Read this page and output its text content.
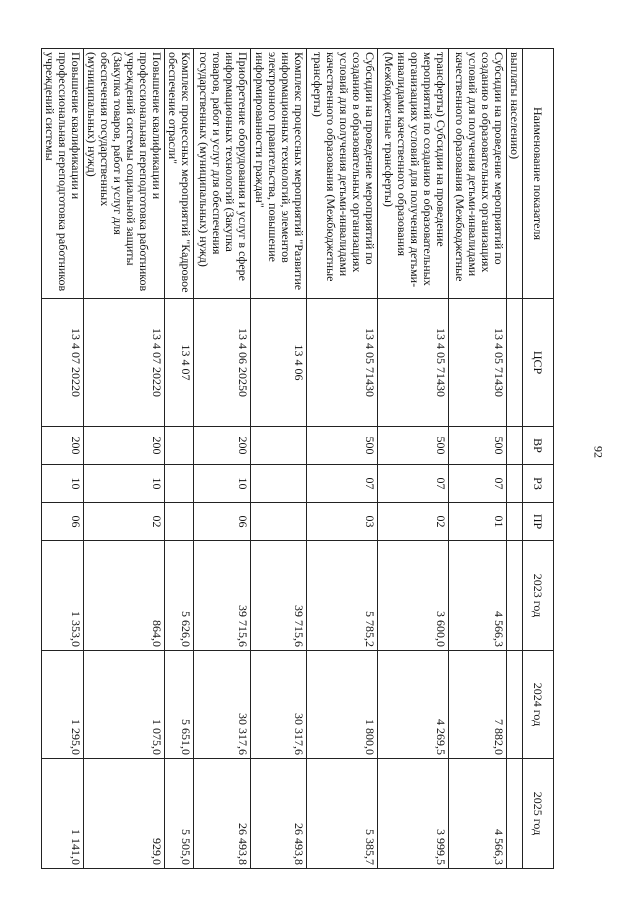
92
Наименование показателя	ЦСР	ВР	РЗ	ПР	2023 год	2024 год	2025 год
выплаты населению)							
Субсидии на проведение мероприятий по созданию в образовательных организациях условий для получения детьми-инвалидами качественного образования (Межбюджетные	13 4 05 71430	500	07	01	4 566,3	7 882,0	4 566,3
трансферты) Субсидии на проведение мероприятий по созданию в образовательных организациях условий для получения детьми-инвалидами качественного образования (Межбюджетные трансферты)	13 4 05 71430	500	07	02	3 600,0	4 269,5	3 999,5
Субсидии на проведение мероприятий по созданию в образовательных организациях условий для получения детьми-инвалидами качественного образования (Межбюджетные трансферты)	13 4 05 71430	500	07	03	5 785,2	1 800,0	5 385,7
Комплекс процессных мероприятий "Развитие информационных технологий, элементов электронного правительства, повышение информированности граждан"	13 4 06				39 715,6	30 317,6	26 493,8
Приобретение оборудования и услуг в сфере информационных технологий (Закупка товаров, работ и услуг для обеспечения государственных (муниципальных) нужд)	13 4 06 20250	200	10	06	39 715,6	30 317,6	26 493,8
Комплекс процессных мероприятий "Кадровое обеспечение отрасли"	13 4 07				5 626,0	5 651,0	5 505,0
Повышение квалификации и профессиональная переподготовка работников учреждений системы социальной защиты (Закупка товаров, работ и услуг для обеспечения государственных (муниципальных) нужд)	13 4 07 20220	200	10	02	864,0	1 075,0	929,0
Повышение квалификации и профессиональная переподготовка работников учреждений системы	13 4 07 20220	200	10	06	1 353,0	1 295,0	1 141,0
